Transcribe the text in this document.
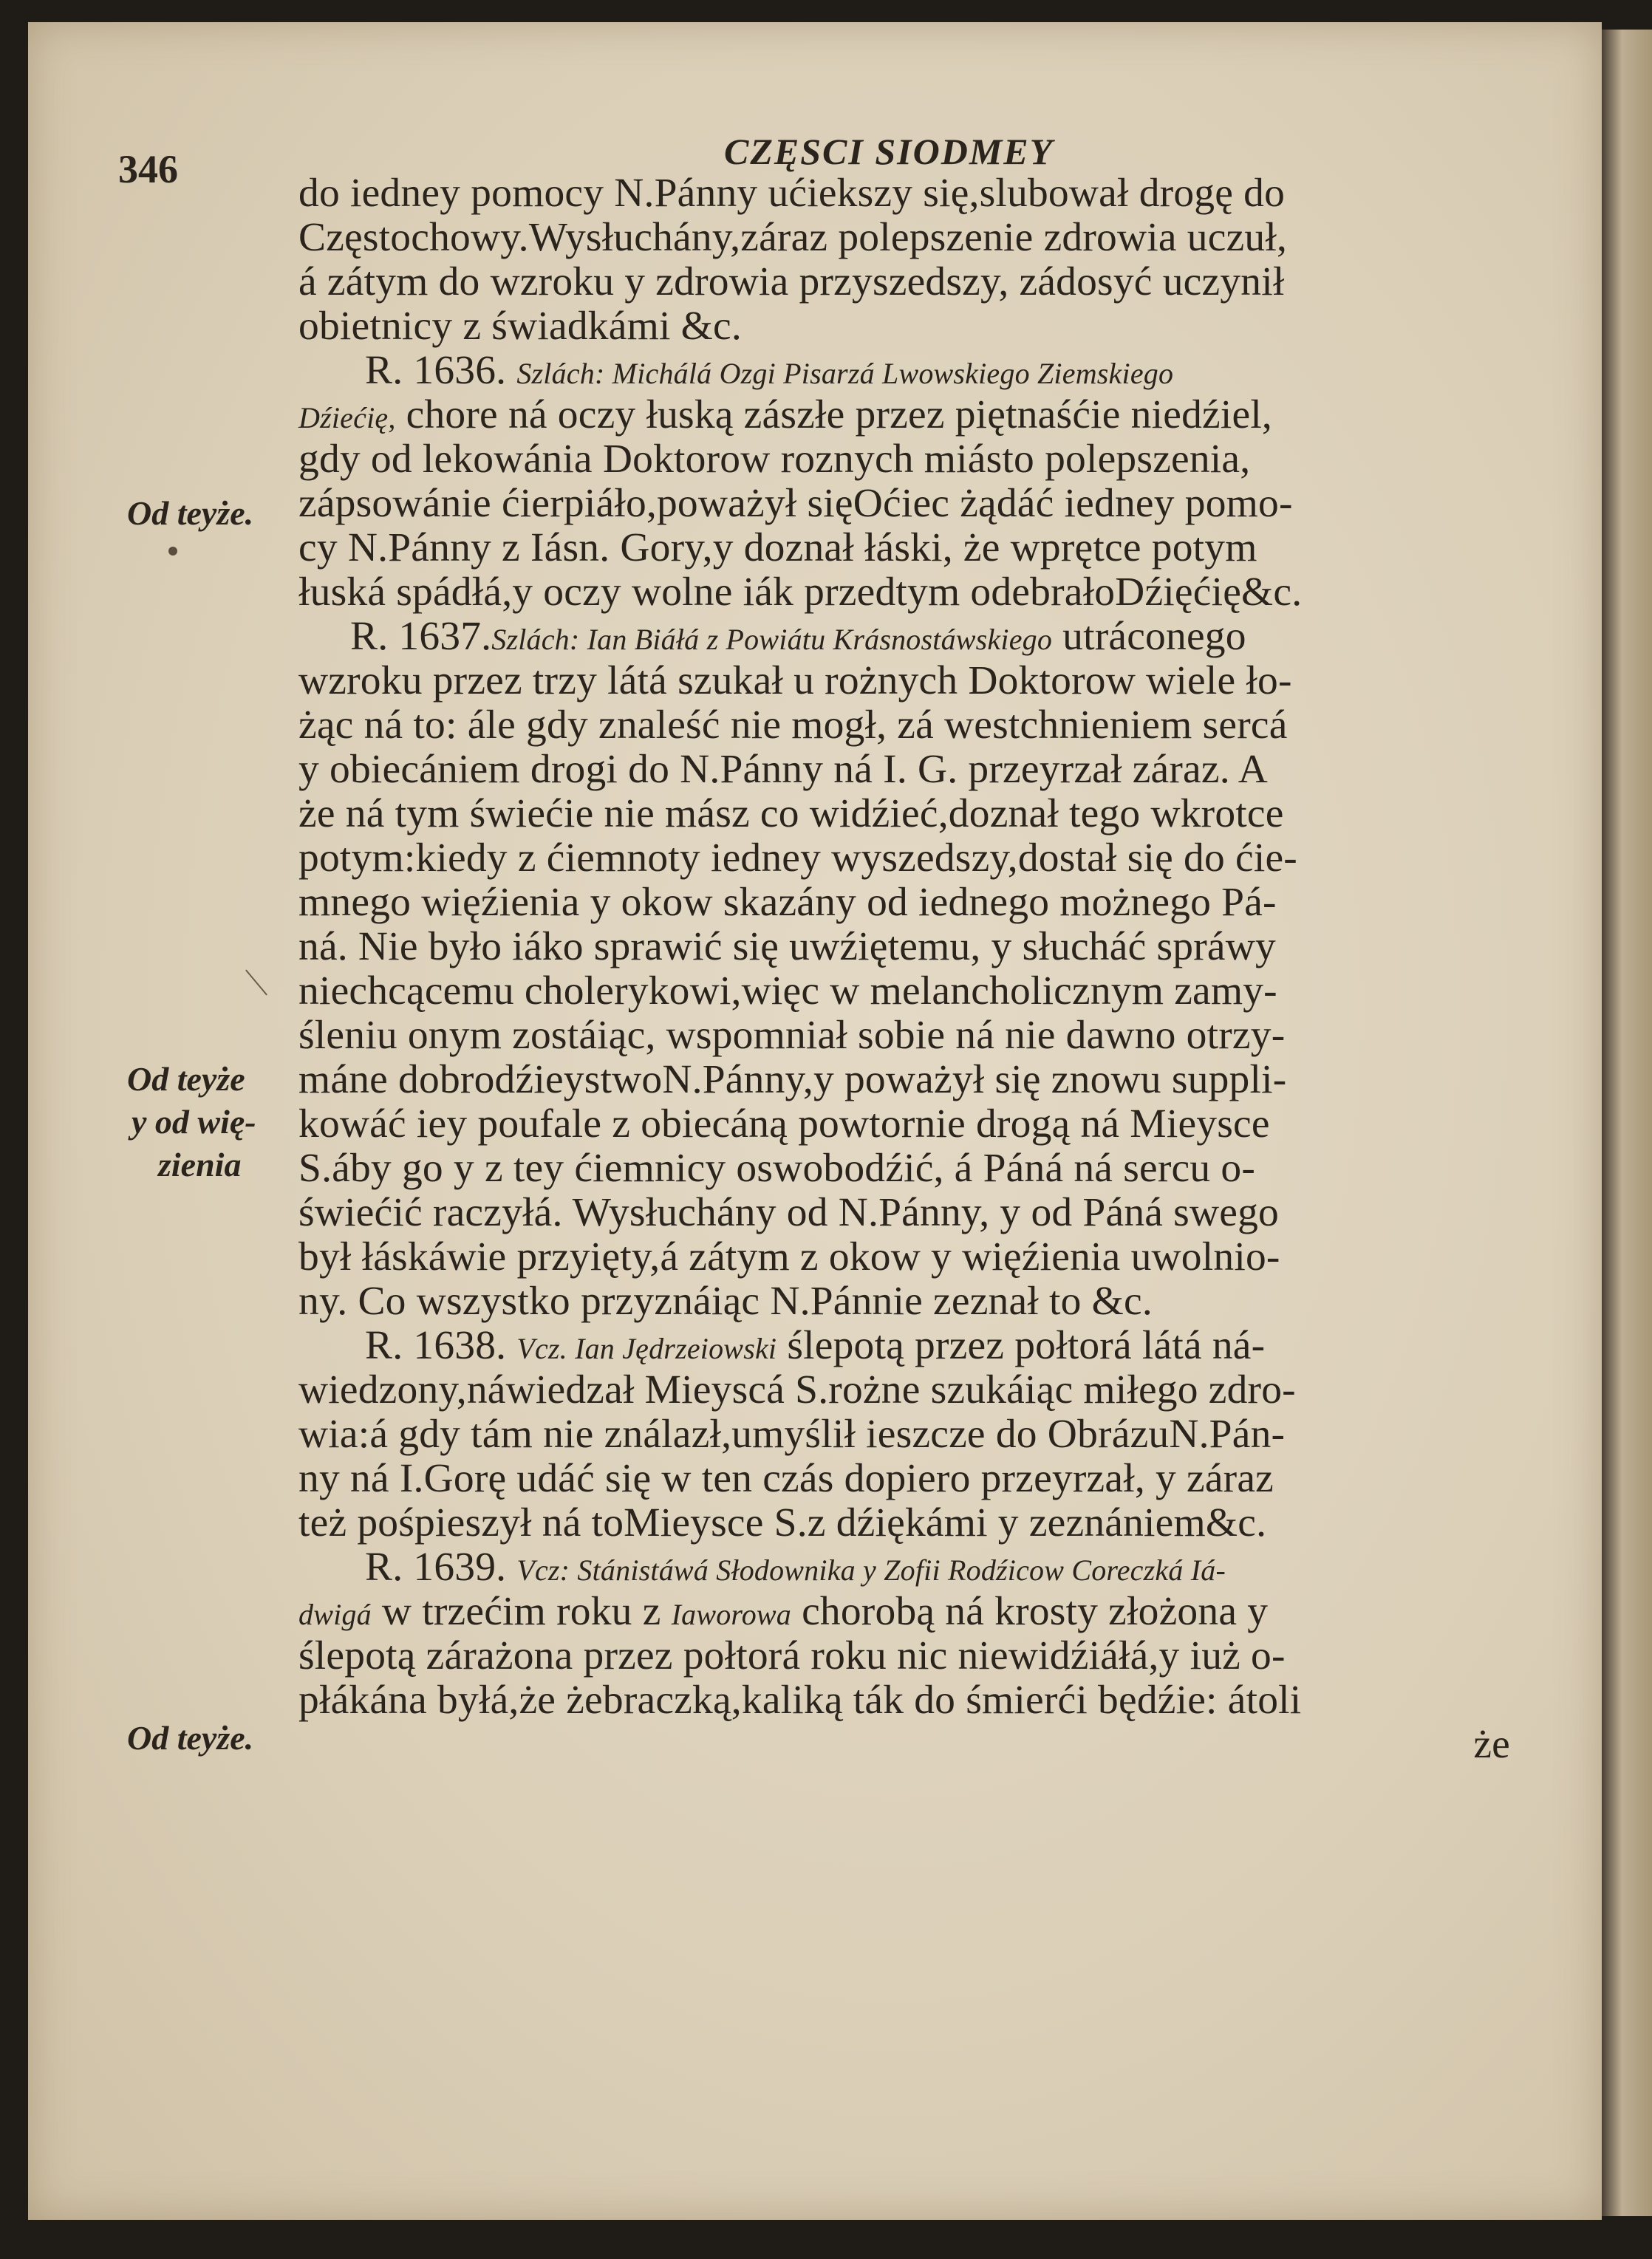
346	CZĘSCI SIODMEY
Od teyże.
Od teyże
y od wię-
zienia
Od teyże.
do iedney pomocy N.Pánny ućiekszy się,slubował drogę do
Częstochowy.Wysłuchány,záraz polepszenie zdrowia uczuł,
á zátym do wzroku y zdrowia przyszedszy, zádosyć uczynił
obietnicy z świadkámi &c.
R. 1636. Szlách: Michálá Ozgi Pisarzá Lwowskiego Ziemskiego
Dźiećię, chore ná oczy łuską zászłe przez piętnaśćie niedźiel,
gdy od lekowánia Doktorow roznych miásto polepszenia,
zápsowánie ćierpiáło,poważył sięOćiec żądáć iedney pomo-
cy N.Pánny z Iásn. Gory,y doznał łáski, że wprętce potym
łuská spádłá,y oczy wolne iák przedtym odebrałoDźięćię&c.
R. 1637.Szlách: Ian Biáłá z Powiátu Krásnostáwskiego utráconego
wzroku przez trzy látá szukał u rożnych Doktorow wiele ło-
żąc ná to: ále gdy znaleść nie mogł, zá westchnieniem sercá
y obiecániem drogi do N.Pánny ná I. G. przeyrzał záraz. A
że ná tym świećie nie mász co widźieć,doznał tego wkrotce
potym:kiedy z ćiemnoty iedney wyszedszy,dostał się do ćie-
mnego więźienia y okow skazány od iednego możnego Pá-
ná. Nie było iáko sprawić się uwźiętemu, y słucháć spráwy
niechcącemu cholerykowi,więc w melancholicznym zamy-
śleniu onym zostáiąc, wspomniał sobie ná nie dawno otrzy-
máne dobrodźieystwoN.Pánny,y poważył się znowu suppli-
kowáć iey poufale z obiecáną powtornie drogą ná Mieysce
S.áby go y z tey ćiemnicy oswobodźić, á Páná ná sercu o-
świećić raczyłá. Wysłuchány od N.Pánny, y od Páná swego
był łáskáwie przyięty,á zátym z okow y więźienia uwolnio-
ny. Co wszystko przyznáiąc N.Pánnie zeznał to &c.
R. 1638. Vcz. Ian Jędrzeiowski ślepotą przez połtorá látá ná-
wiedzony,náwiedzał Mieyscá S.rożne szukáiąc miłego zdro-
wia:á gdy tám nie ználazł,umyślił ieszcze do ObrázuN.Pán-
ny ná I.Gorę udáć się w ten czás dopiero przeyrzał, y záraz
też pośpieszył ná toMieysce S.z dźiękámi y zeznániem&c.
R. 1639. Vcz: Stánistáwá Słodownika y Zofii Rodźicow Coreczká Iá-
dwigá w trzećim roku z Iaworowa chorobą ná krosty złożona y
ślepotą zárażona przez połtorá roku nic niewidźiáłá,y iuż o-
płákána byłá,że żebraczką,kaliką ták do śmierći będźie: átoli
że
